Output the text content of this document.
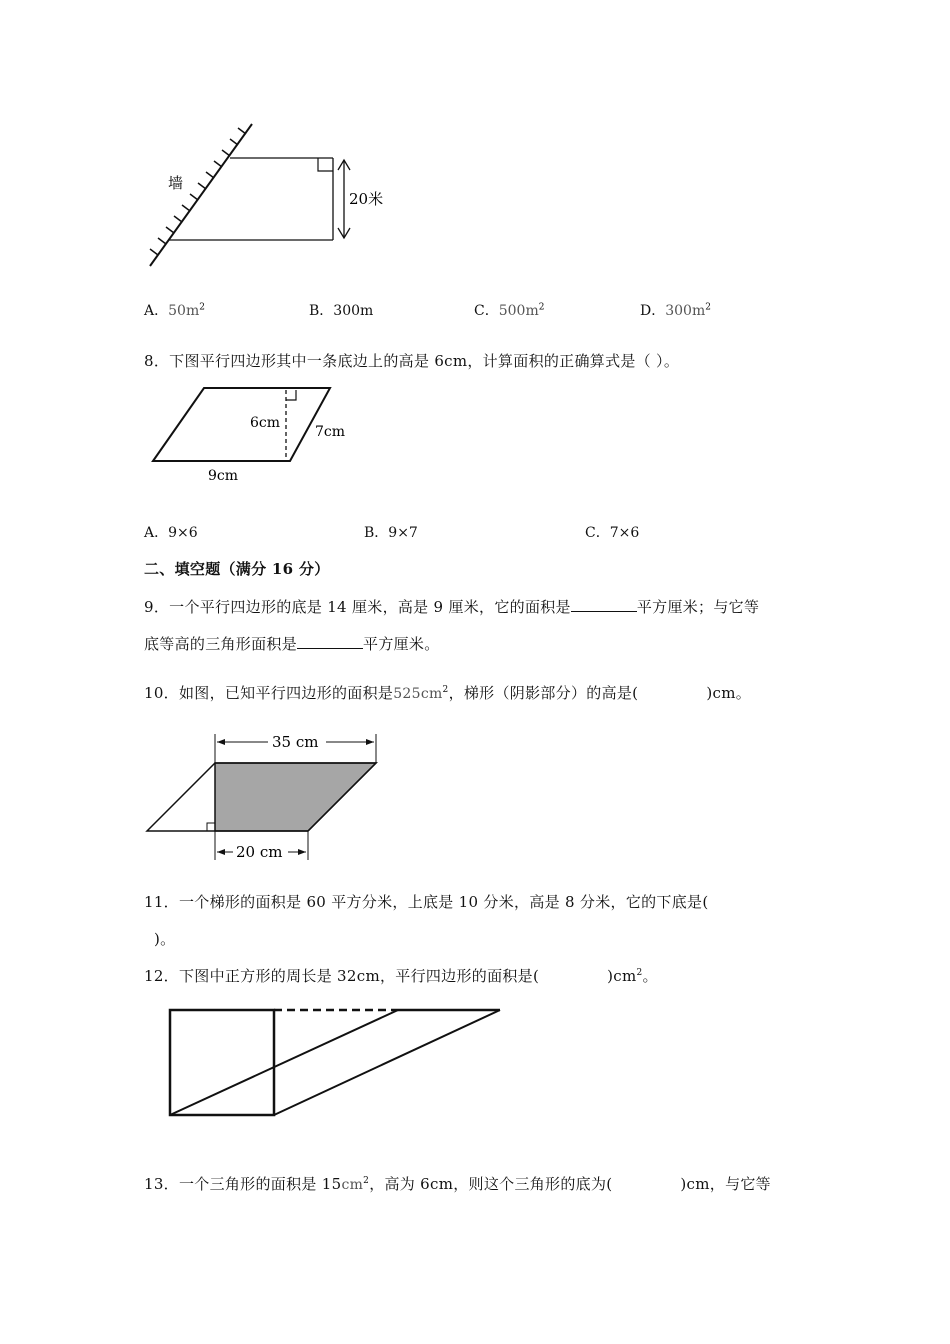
墙
20米
A．$50m^2$	B．300m	C．$500m^2$	D．$300m^2$
8．下图平行四边形其中一条底边上的高是 6cm，计算面积的正确算式是（ ）。
6cm
7cm
9cm
A．9×6	B．9×7	C．7×6
二、填空题（满分 16 分）
9．一个平行四边形的底是 14 厘米，高是 9 厘米，它的面积是	平方厘米；与它等
底等高的三角形面积是	平方厘米。
10．如图，已知平行四边形的面积是$525cm^2$，梯形（阴影部分）的高是(	)cm。
35 cm
20 cm
11．一个梯形的面积是 60 平方分米，上底是 10 分米，高是 8 分米，它的下底是(
)。
12．下图中正方形的周长是 32cm，平行四边形的面积是(	)$cm^2$。
13．一个三角形的面积是 $15cm^2$，高为 6cm，则这个三角形的底为(	)cm，与它等
